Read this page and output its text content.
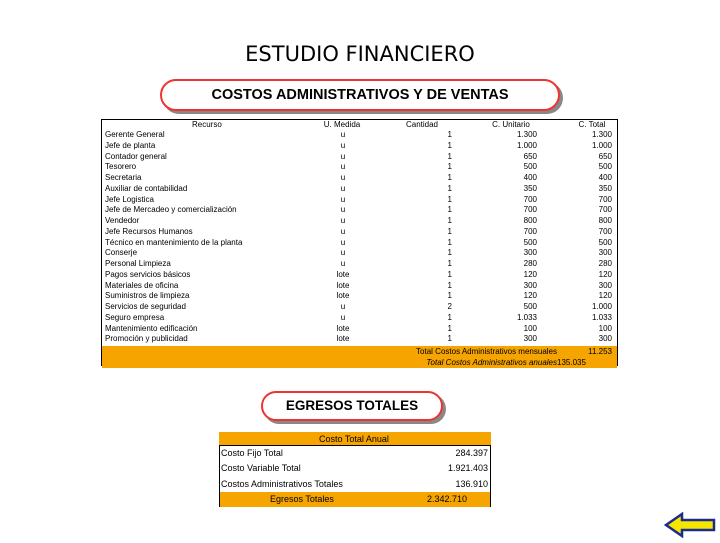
ESTUDIO FINANCIERO
COSTOS ADMINISTRATIVOS Y DE VENTAS
Recurso	U. Medida	Cantidad	C. Unitario	C. Total
Gerente General	u	1	1.300	1.300
Jefe de planta	u	1	1.000	1.000
Contador general	u	1	650	650
Tesorero	u	1	500	500
Secretaria	u	1	400	400
Auxiliar de contabilidad	u	1	350	350
Jefe Logistica	u	1	700	700
Jefe de Mercadeo y comercialización	u	1	700	700
Vendedor	u	1	800	800
Jefe Recursos Humanos	u	1	700	700
Técnico en mantenimiento de la planta	u	1	500	500
Conserje	u	1	300	300
Personal Limpieza	u	1	280	280
Pagos servicios básicos	lote	1	120	120
Materiales de oficina	lote	1	300	300
Suministros de limpieza	lote	1	120	120
Servicios de seguridad	u	2	500	1.000
Seguro empresa	u	1	1.033	1.033
Mantenimiento edificación	lote	1	100	100
Promoción y publicidad	lote	1	300	300
Total Costos Administrativos mensuales	11.253
Total Costos Administrativos anuales 135.035
EGRESOS TOTALES
Costo Total Anual
Costo Fijo Total	284.397
Costo Variable Total	1.921.403
Costos Administrativos Totales	136.910
Egresos Totales	2.342.710
